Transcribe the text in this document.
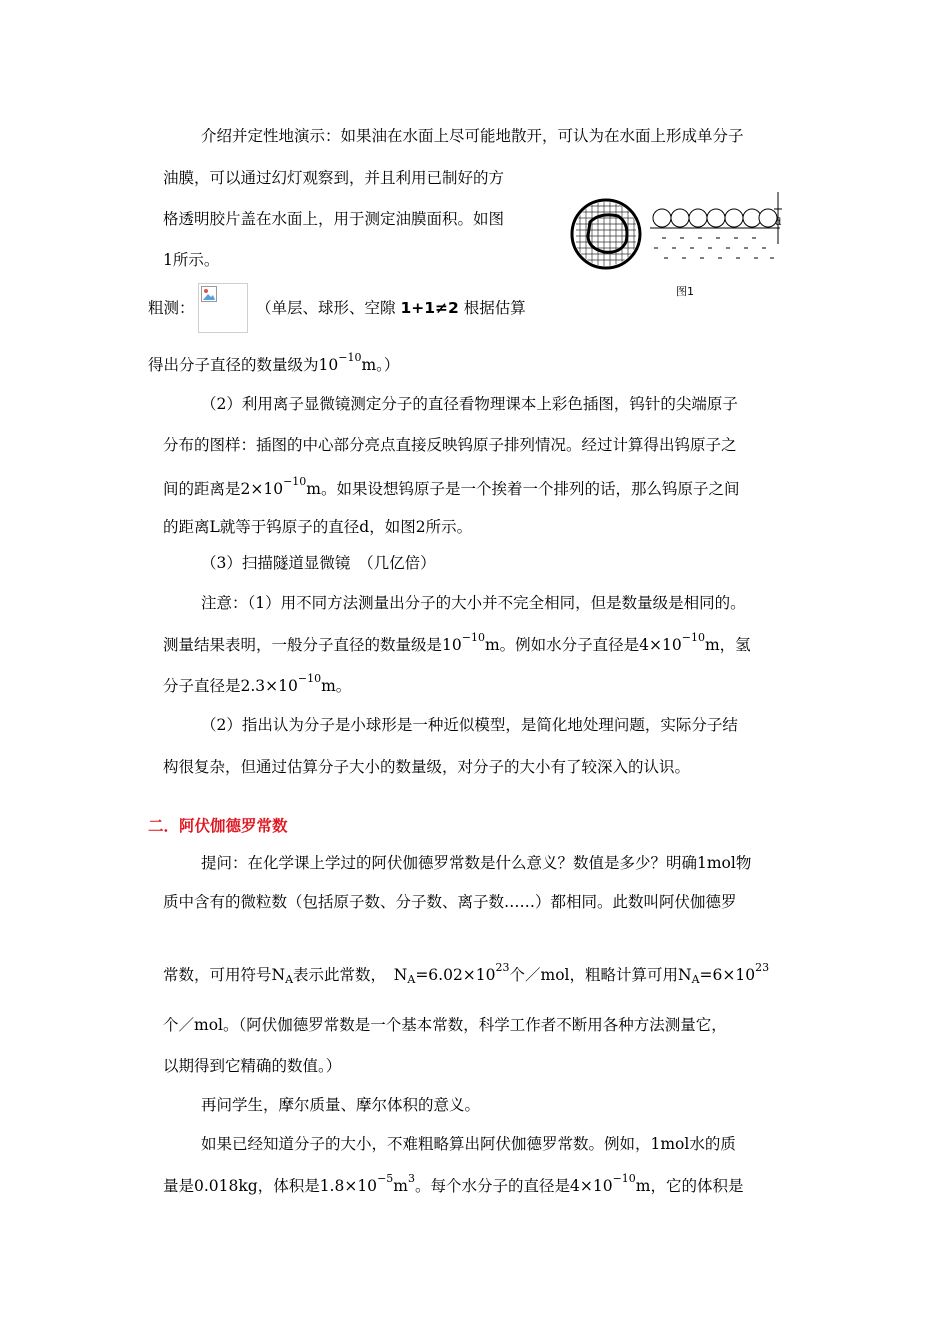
介绍并定性地演示：如果油在水面上尽可能地散开，可认为在水面上形成单分子
油膜，可以通过幻灯观察到，并且利用已制好的方
格透明胶片盖在水面上，用于测定油膜面积。如图
1所示。
d
图1
粗测：	（单层、球形、空隙 1+1≠2 根据估算
得出分子直径的数量级为$10^{-10}m$。）
（2）利用离子显微镜测定分子的直径看物理课本上彩色插图，钨针的尖端原子
分布的图样：插图的中心部分亮点直接反映钨原子排列情况。经过计算得出钨原子之
间的距离是$2\times 10^{-10}m$。如果设想钨原子是一个挨着一个排列的话，那么钨原子之间
的距离L就等于钨原子的直径d，如图2所示。
（3）扫描隧道显微镜　（几亿倍）
注意：（1）用不同方法测量出分子的大小并不完全相同，但是数量级是相同的。
测量结果表明，一般分子直径的数量级是$10^{-10}m$。例如水分子直径是$4\times 10^{-10}m$，氢
分子直径是$2.3\times 10^{-10}m$。
（2）指出认为分子是小球形是一种近似模型，是简化地处理问题，实际分子结
构很复杂，但通过估算分子大小的数量级，对分子的大小有了较深入的认识。
二．阿伏伽德罗常数
提问：在化学课上学过的阿伏伽德罗常数是什么意义？数值是多少？明确1mol物
质中含有的微粒数（包括原子数、分子数、离子数……）都相同。此数叫阿伏伽德罗
常数，可用符号$N_A$表示此常数，　$N_A=6.02\times 10^{23}$个／mol，粗略计算可用$N_A=6\times 10^{23}$
个／mol。（阿伏伽德罗常数是一个基本常数，科学工作者不断用各种方法测量它，
以期得到它精确的数值。）
再问学生，摩尔质量、摩尔体积的意义。
如果已经知道分子的大小，不难粗略算出阿伏伽德罗常数。例如，1mol水的质
量是0.018kg，体积是$1.8\times 10^{-5}m^3$。每个水分子的直径是$4\times 10^{-10}m$，它的体积是
